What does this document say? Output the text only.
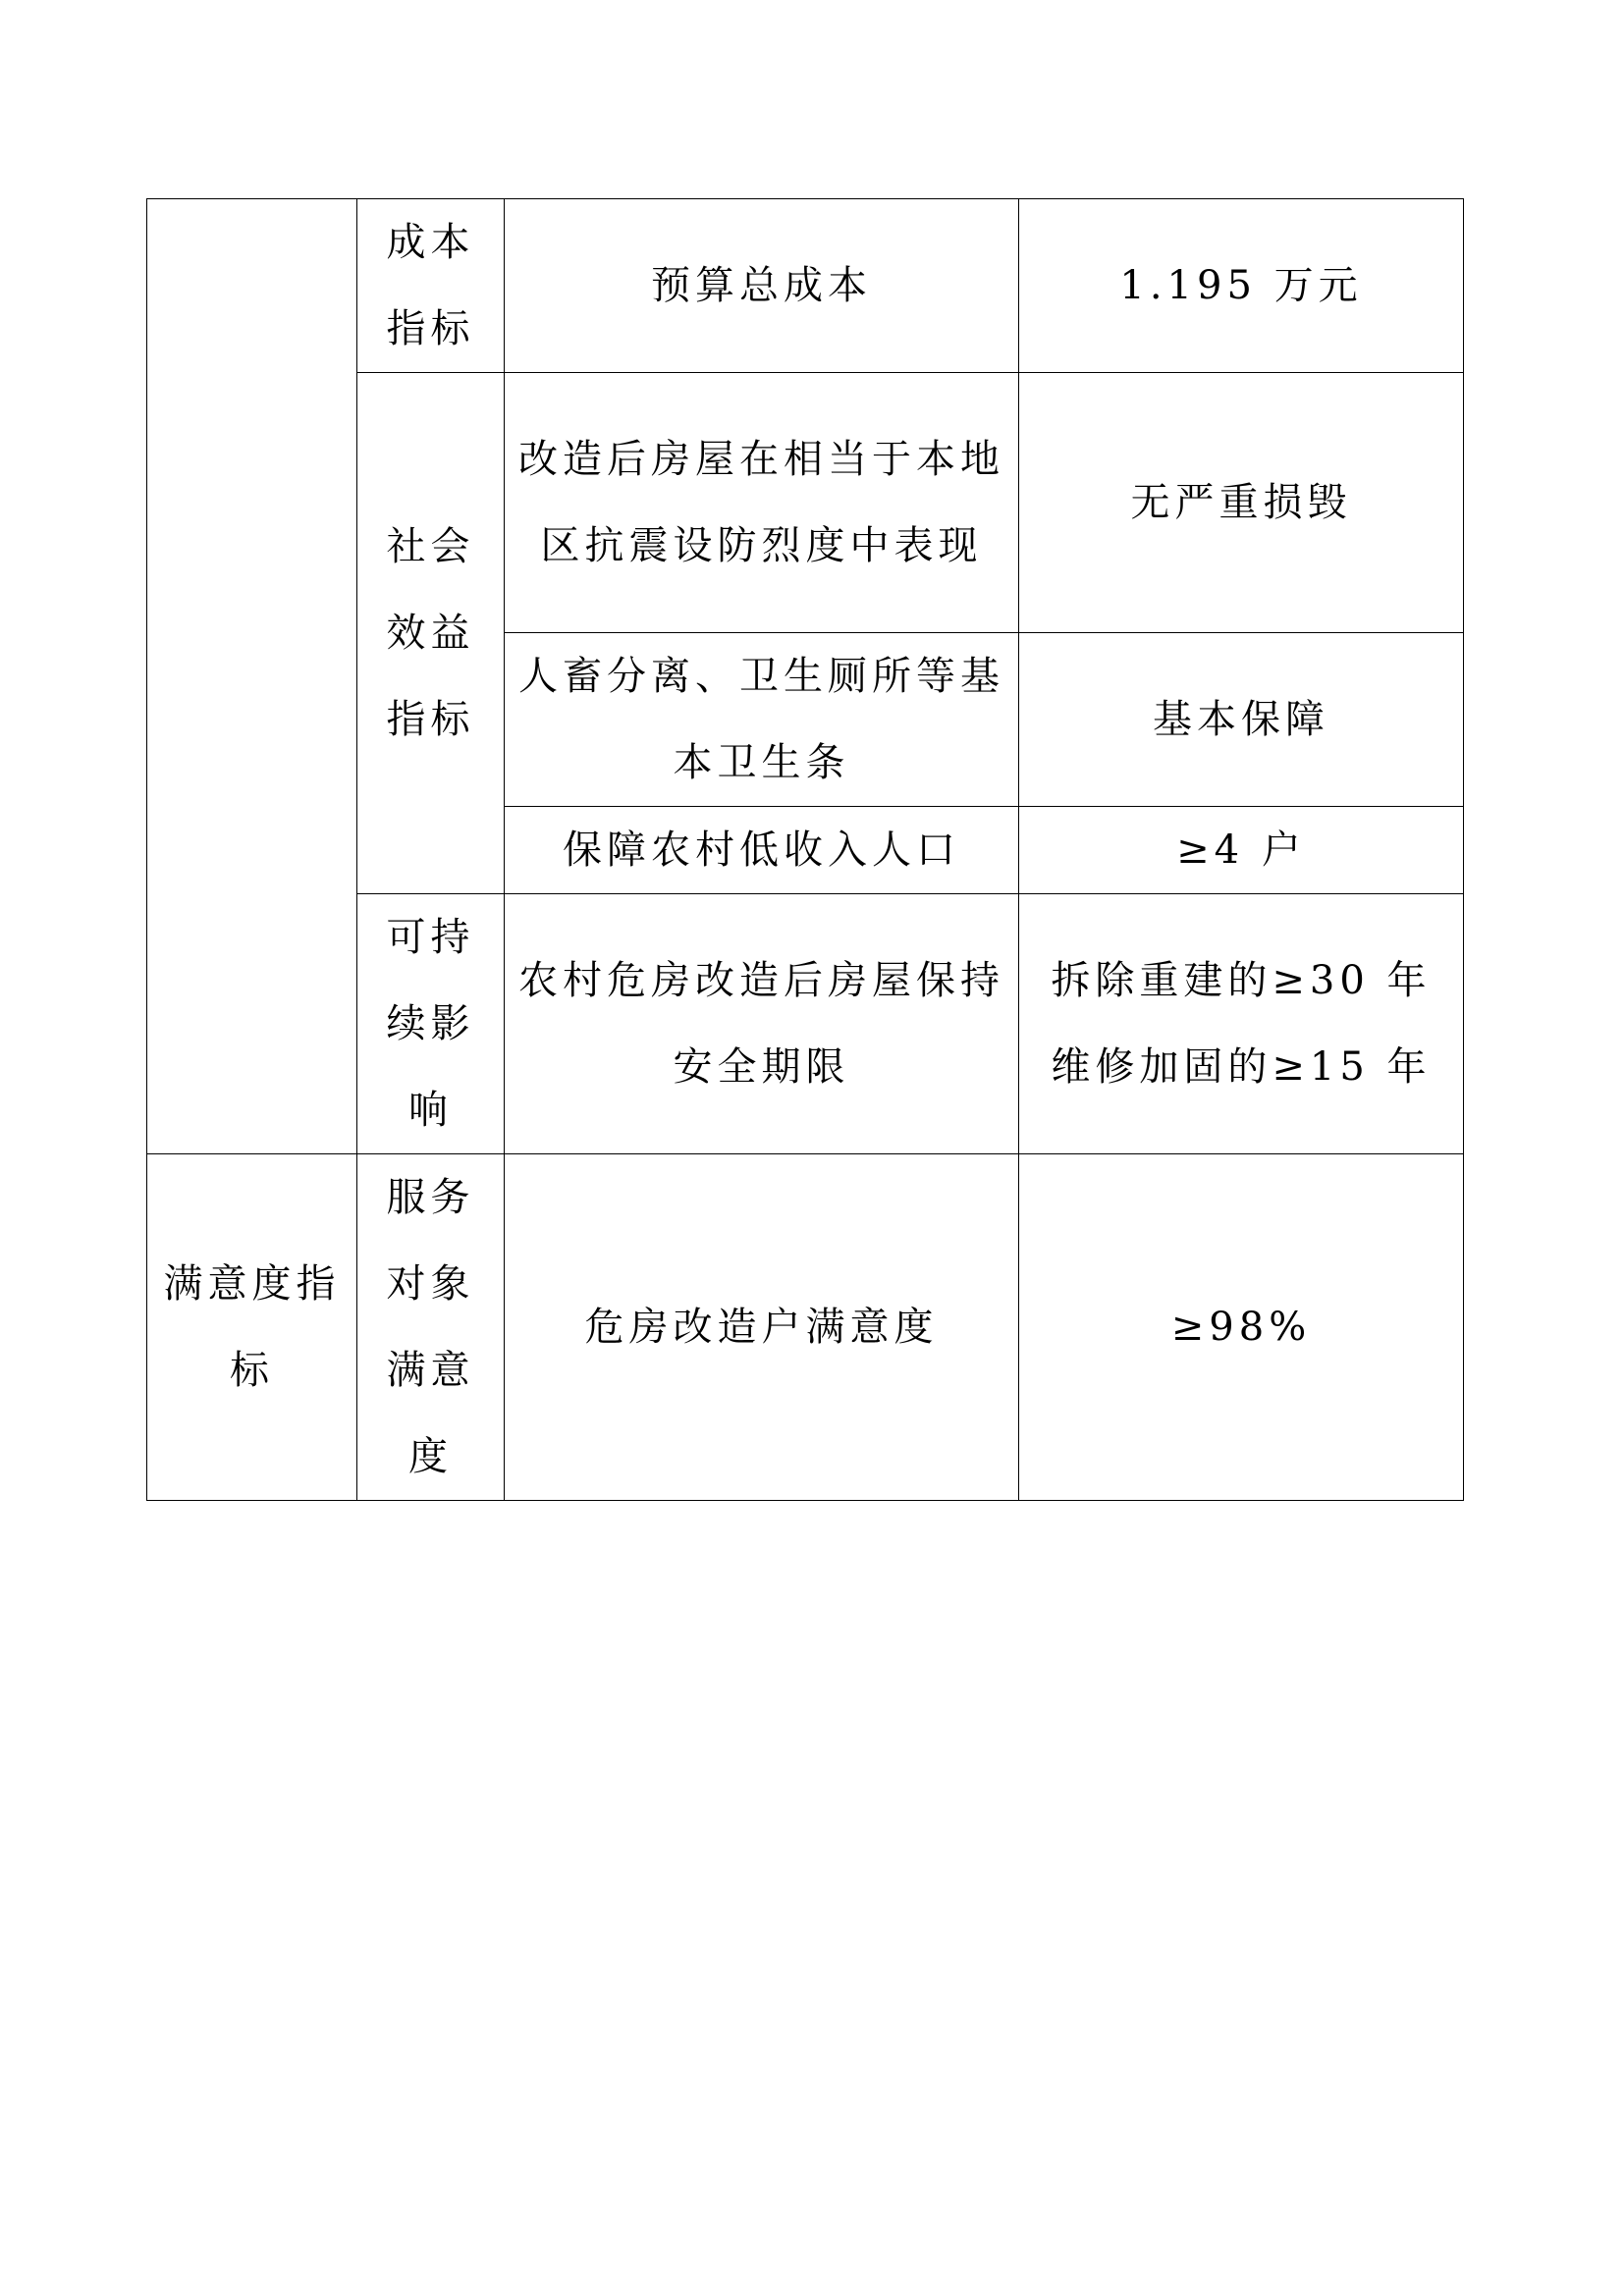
	成本指标	预算总成本	1.195 万元

	社会效益指标	改造后房屋在相当于本地区抗震设防烈度中表现	无严重损毁

		人畜分离、卫生厕所等基本卫生条	基本保障

		保障农村低收入人口	≥4 户

	可持续影响	农村危房改造后房屋保持安全期限	拆除重建的≥30 年
维修加固的≥15 年

满意度指标	服务对象满意度	危房改造户满意度	≥98%
